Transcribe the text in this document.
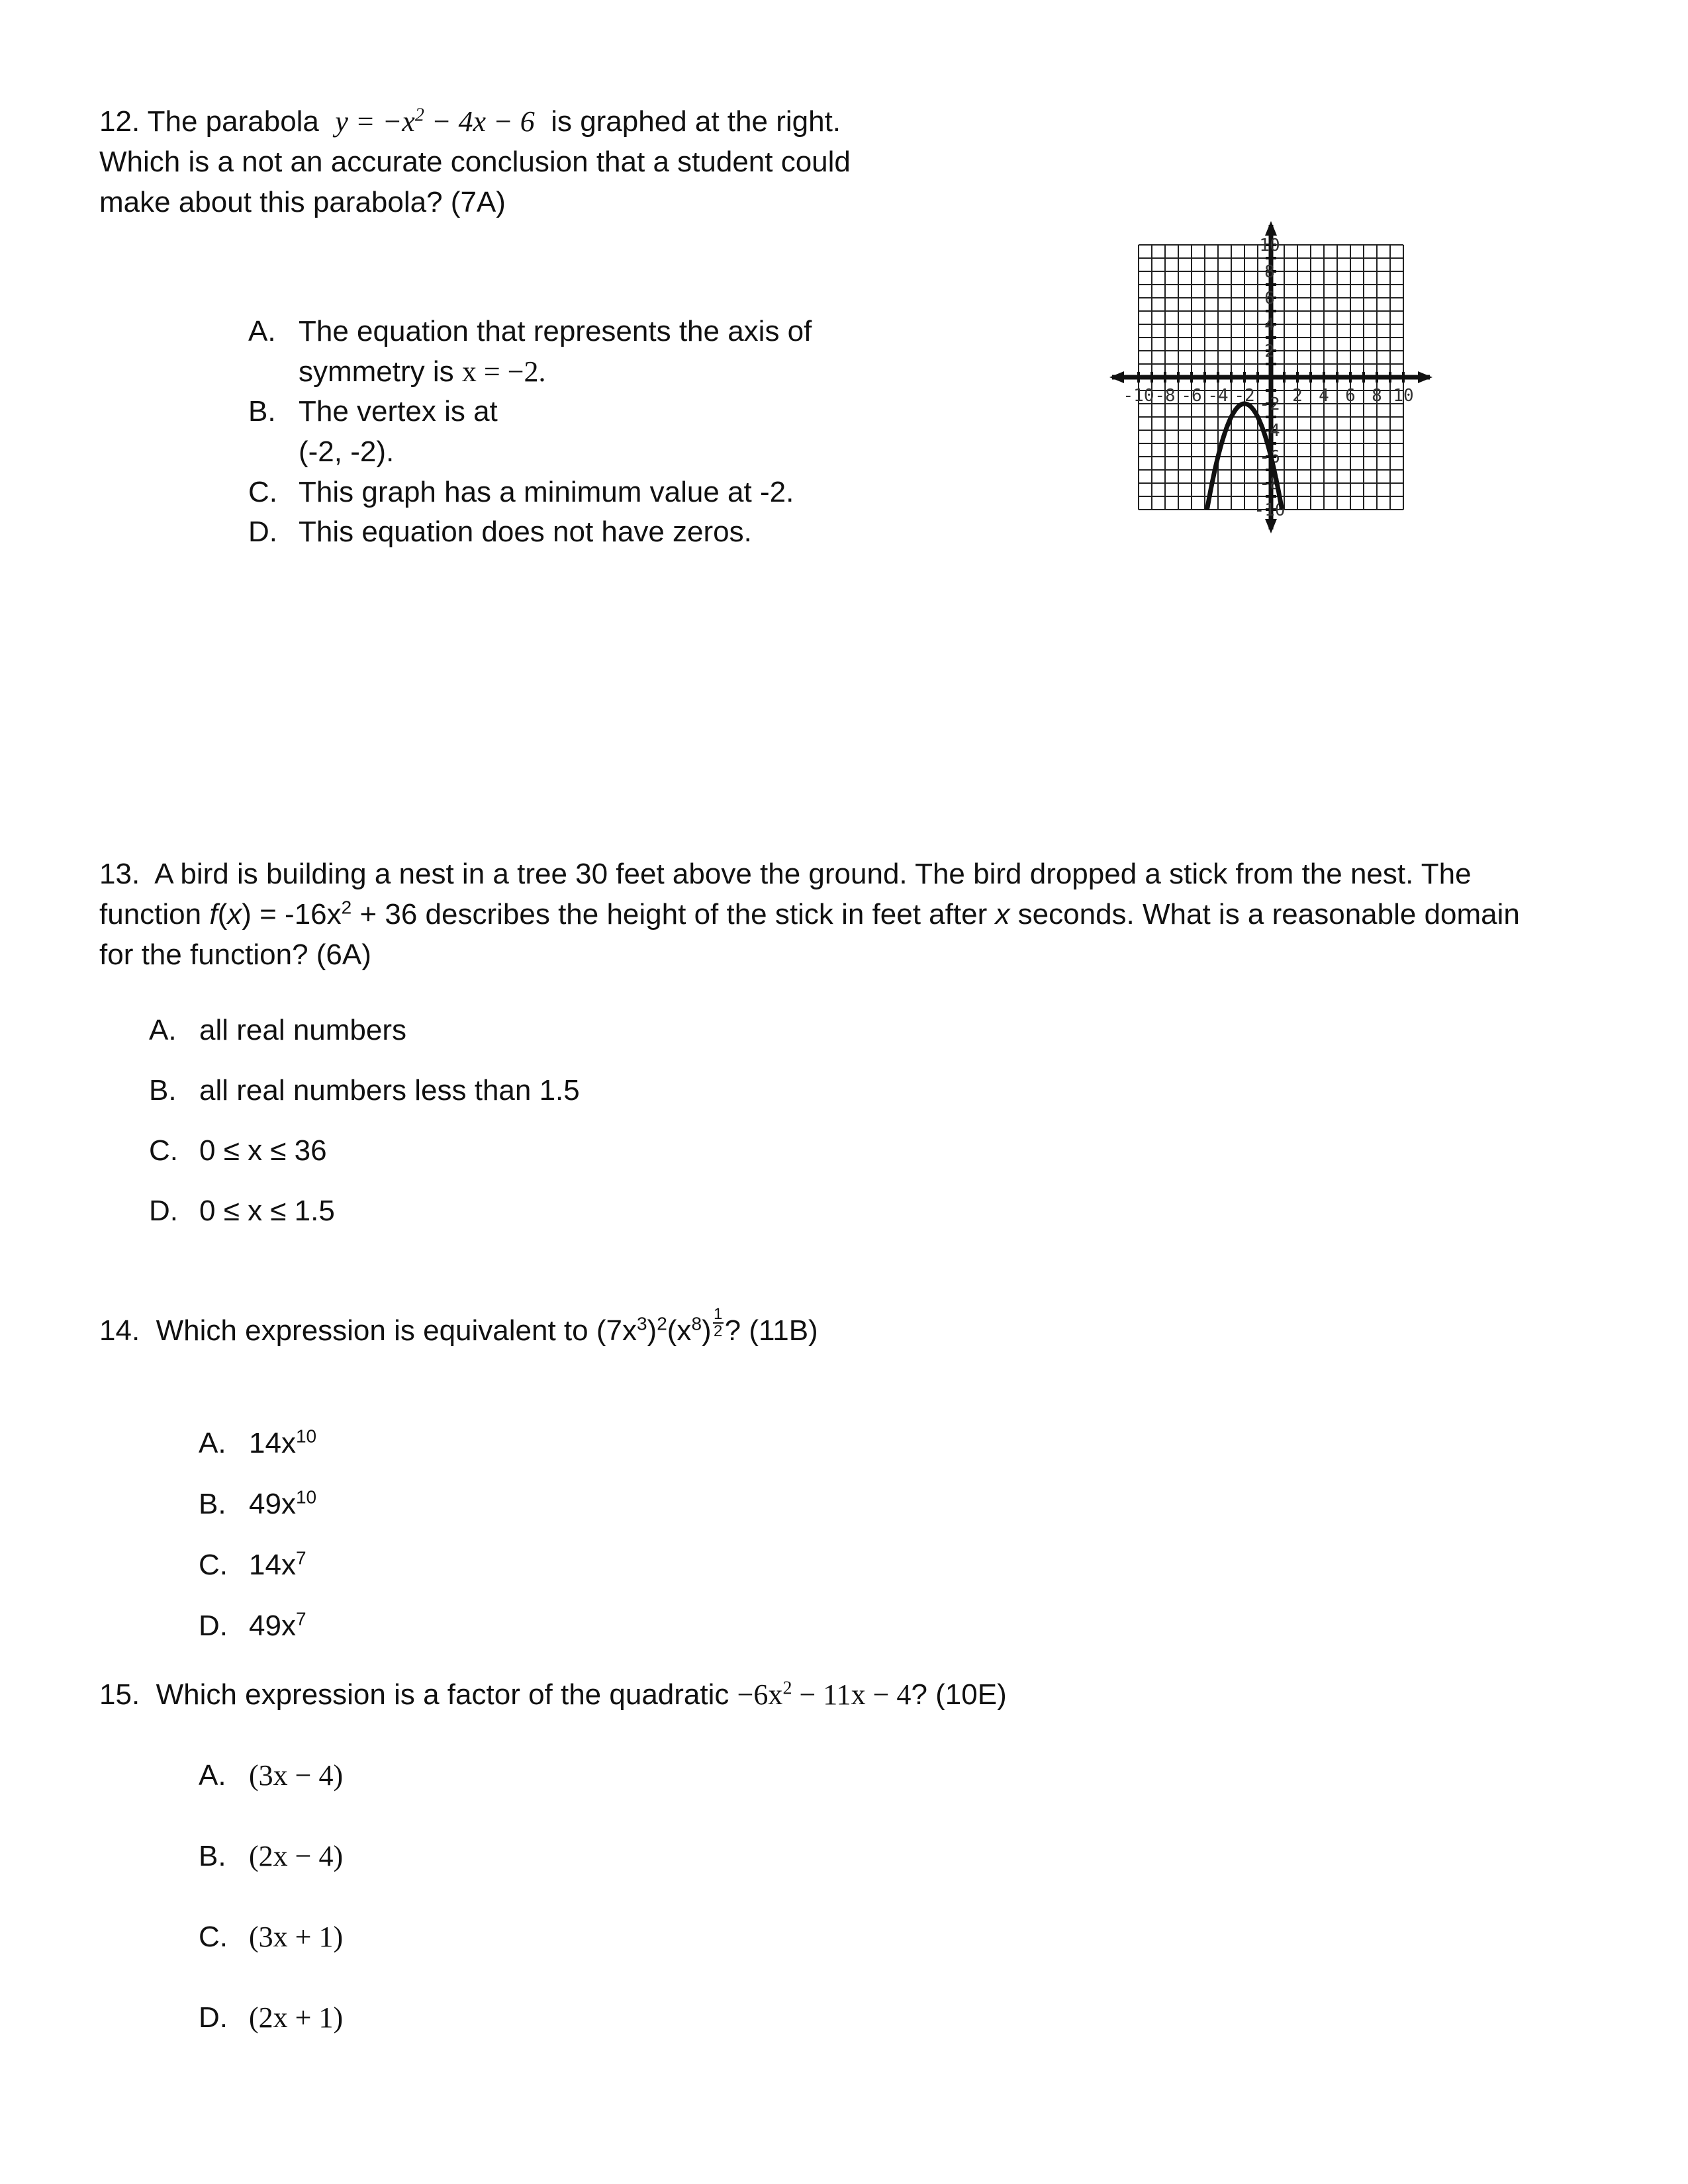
12. The parabola $y = -x^2 - 4x - 6$ is graphed at the right.
Which is a not an accurate conclusion that a student could
make about this parabola? (7A)
A. The equation that represents the axis of
symmetry is x = −2.
B. The vertex is at
(-2, -2).
C. This graph has a minimum value at -2.
D. This equation does not have zeros.
-10 -8 -6 -4 -2 2 4 6 8 10
10
8
6
4
2
-2
-4
-6
-8
-10
13. A bird is building a nest in a tree 30 feet above the ground. The bird dropped a stick from the nest. The
function $f(x) = -16x^2 + 36$ describes the height of the stick in feet after x seconds. What is a reasonable domain
for the function? (6A)
A. all real numbers
B. all real numbers less than 1.5
C. 0 ≤ x ≤ 36
D. 0 ≤ x ≤ 1.5
14. Which expression is equivalent to $(7x^3)^2(x^8) \frac{1}{2}$ ? (11B)
A. $14x^{10}$
B. $49x^{10}$
C. $14x^7$
D. $49x^7$
15. Which expression is a factor of the quadratic $-6x^2 - 11x - 4$? (10E)
A. (3x − 4)
B. (2x − 4)
C. (3x + 1)
D. (2x + 1)
